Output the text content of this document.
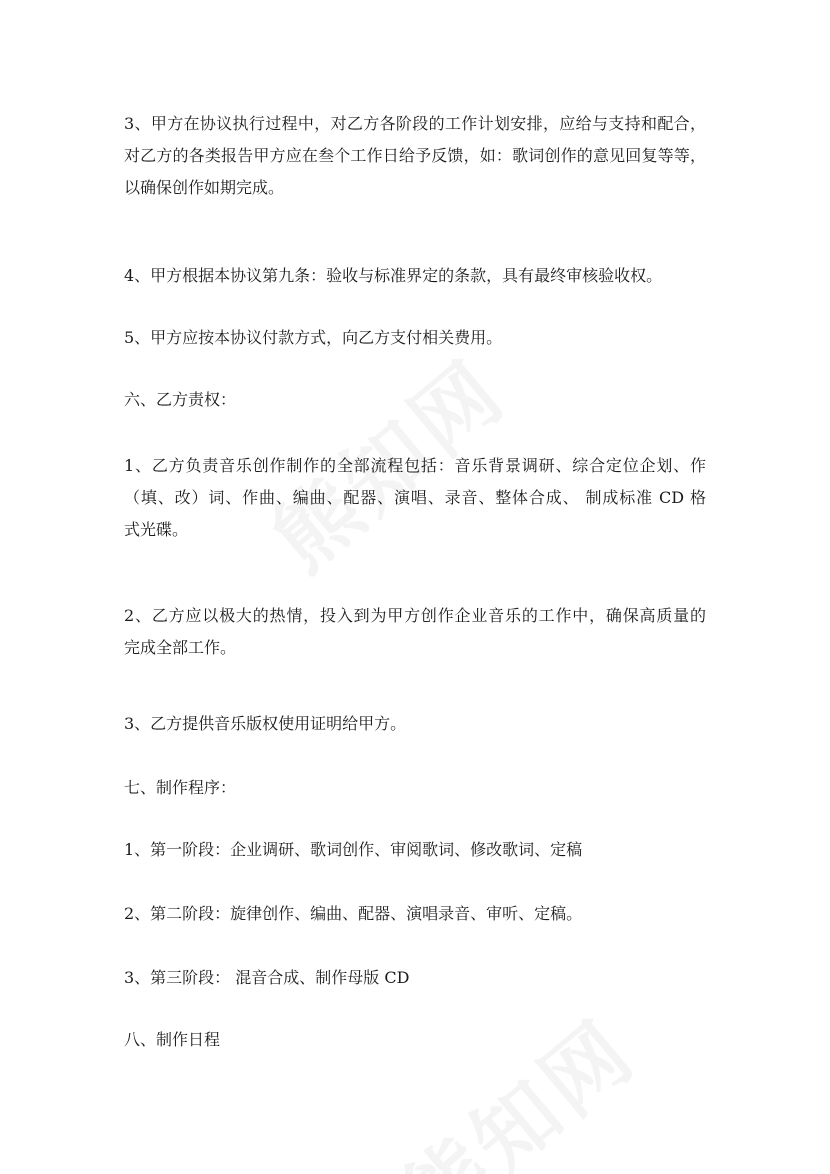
3、甲方在协议执行过程中，对乙方各阶段的工作计划安排，应给与支持和配合，
对乙方的各类报告甲方应在叁个工作日给予反馈，如：歌词创作的意见回复等等，
以确保创作如期完成。
4、甲方根据本协议第九条：验收与标准界定的条款，具有最终审核验收权。
5、甲方应按本协议付款方式，向乙方支付相关费用。
六、乙方责权：
1、乙方负责音乐创作制作的全部流程包括：音乐背景调研、综合定位企划、作
（填、改）词、作曲、编曲、配器、演唱、录音、整体合成、 制成标准 CD 格
式光碟。
2、乙方应以极大的热情，投入到为甲方创作企业音乐的工作中，确保高质量的
完成全部工作。
3、乙方提供音乐版权使用证明给甲方。
七、制作程序：
1、第一阶段：企业调研、歌词创作、审阅歌词、修改歌词、定稿
2、第二阶段：旋律创作、编曲、配器、演唱录音、审听、定稿。
3、第三阶段： 混音合成、制作母版 CD
八、制作日程
